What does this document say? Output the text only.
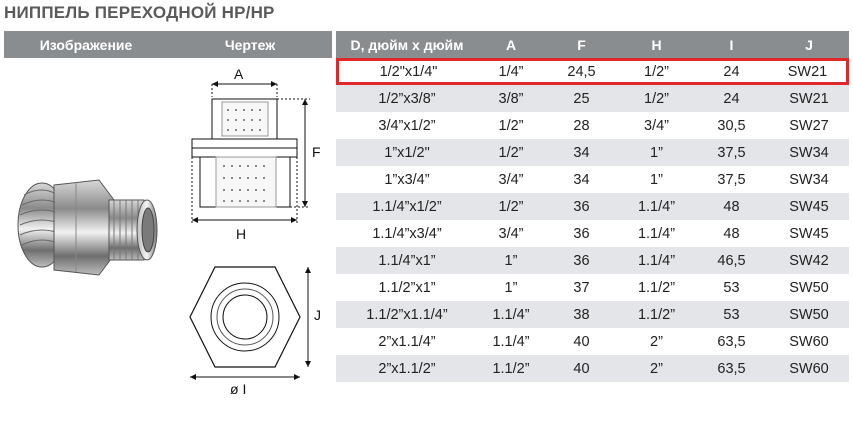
НИППЕЛЬ ПЕРЕХОДНОЙ НР/НР
Изображение	Чертеж
A
F
H
J
ø I
D, дюйм х дюйм	A	F	H	I	J
1/2"x1/4"	1/4”	24,5	1/2”	24	SW21
1/2”x3/8”	3/8”	25	1/2”	24	SW21
3/4”x1/2”	1/2”	28	3/4”	30,5	SW27
1”x1/2"	1/2”	34	1”	37,5	SW34
1”x3/4”	3/4”	34	1”	37,5	SW34
1.1/4”x1/2”	1/2”	36	1.1/4”	48	SW45
1.1/4”x3/4”	3/4”	36	1.1/4”	48	SW45
1.1/4”x1”	1”	36	1.1/4”	46,5	SW42
1.1/2”x1”	1”	37	1.1/2”	53	SW50
1.1/2”x1.1/4”	1.1/4”	38	1.1/2”	53	SW50
2”x1.1/4”	1.1/4”	40	2”	63,5	SW60
2”x1.1/2”	1.1/2”	40	2”	63,5	SW60
